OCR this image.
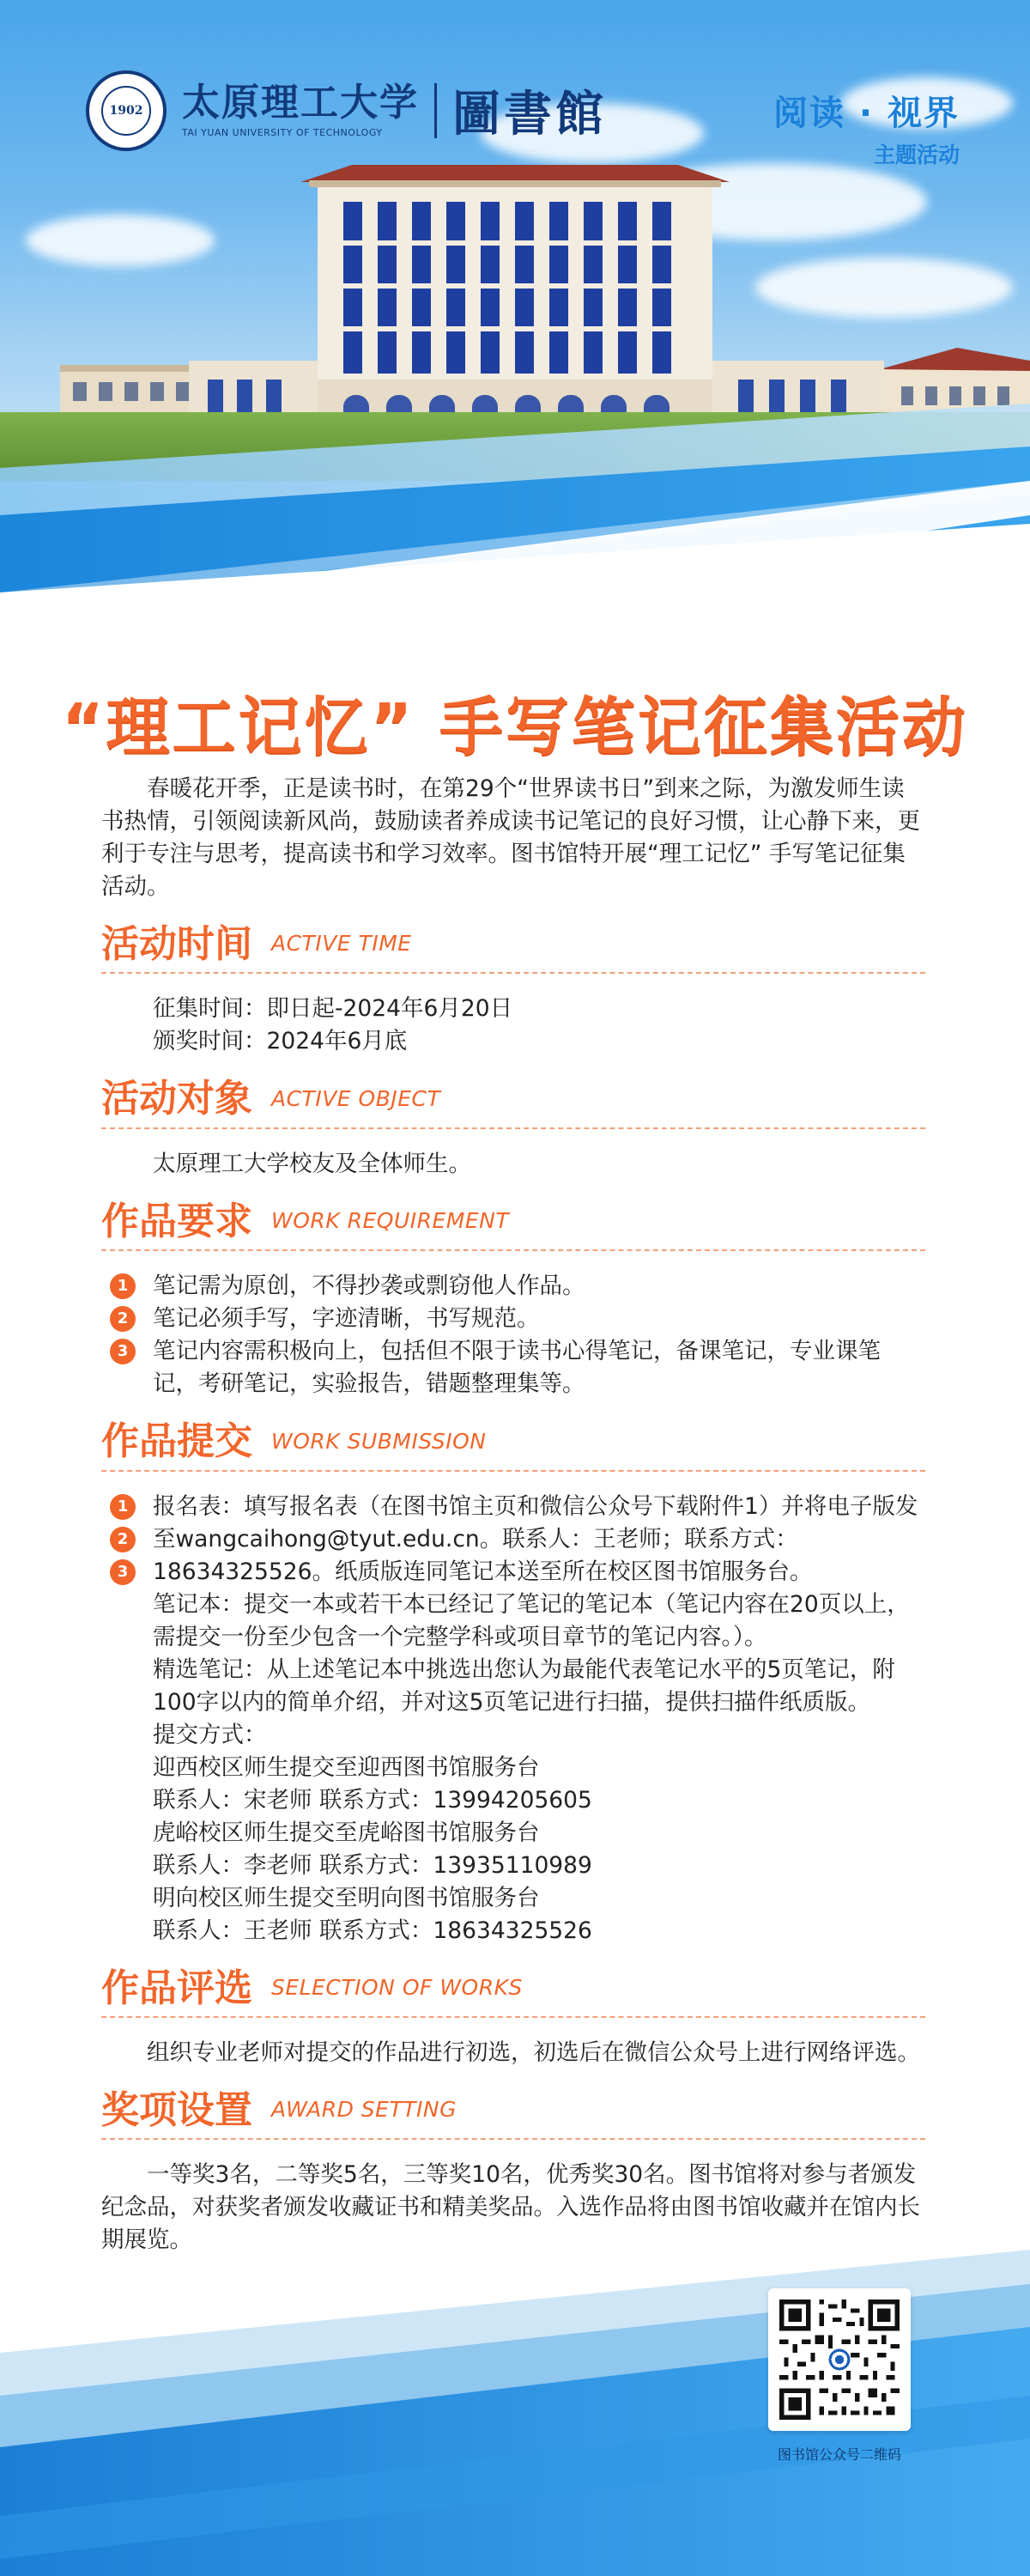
1902 太原理工大学
TAI YUAN UNIVERSITY OF TECHNOLOGY 圖書館	阅读 · 视界
主题活动
“理工记忆” 手写笔记征集活动

春暖花开季，正是读书时，在第29个“世界读书日”到来之际，为激发师生读书热情，引领阅读新风尚，鼓励读者养成读书记笔记的良好习惯，让心静下来，更利于专注与思考，提高读书和学习效率。图书馆特开展“理工记忆” 手写笔记征集活动。

活动时间 ACTIVE TIME

征集时间：即日起-2024年6月20日

颁奖时间：2024年6月底

活动对象 ACTIVE OBJECT

太原理工大学校友及全体师生。

作品要求 WORK REQUIREMENT
1
2
3

笔记需为原创，不得抄袭或剽窃他人作品。

笔记必须手写，字迹清晰，书写规范。

笔记内容需积极向上，包括但不限于读书心得笔记，备课笔记，专业课笔记，考研笔记，实验报告，错题整理集等。

作品提交 WORK SUBMISSION
1
2
3

报名表：填写报名表（在图书馆主页和微信公众号下载附件1）并将电子版发至wangcaihong@tyut.edu.cn。联系人：王老师；联系方式：18634325526。纸质版连同笔记本送至所在校区图书馆服务台。

笔记本：提交一本或若干本已经记了笔记的笔记本（笔记内容在20页以上，需提交一份至少包含一个完整学科或项目章节的笔记内容。）。

精选笔记：从上述笔记本中挑选出您认为最能代表笔记水平的5页笔记，附100字以内的简单介绍，并对这5页笔记进行扫描，提供扫描件纸质版。

提交方式：

迎西校区师生提交至迎西图书馆服务台

联系人：宋老师 联系方式：13994205605

虎峪校区师生提交至虎峪图书馆服务台

联系人：李老师 联系方式：13935110989

明向校区师生提交至明向图书馆服务台

联系人：王老师 联系方式：18634325526

作品评选 SELECTION OF WORKS

组织专业老师对提交的作品进行初选，初选后在微信公众号上进行网络评选。

奖项设置 AWARD SETTING

一等奖3名，二等奖5名，三等奖10名，优秀奖30名。图书馆将对参与者颁发纪念品，对获奖者颁发收藏证书和精美奖品。入选作品将由图书馆收藏并在馆内长期展览。

图书馆公众号二维码
